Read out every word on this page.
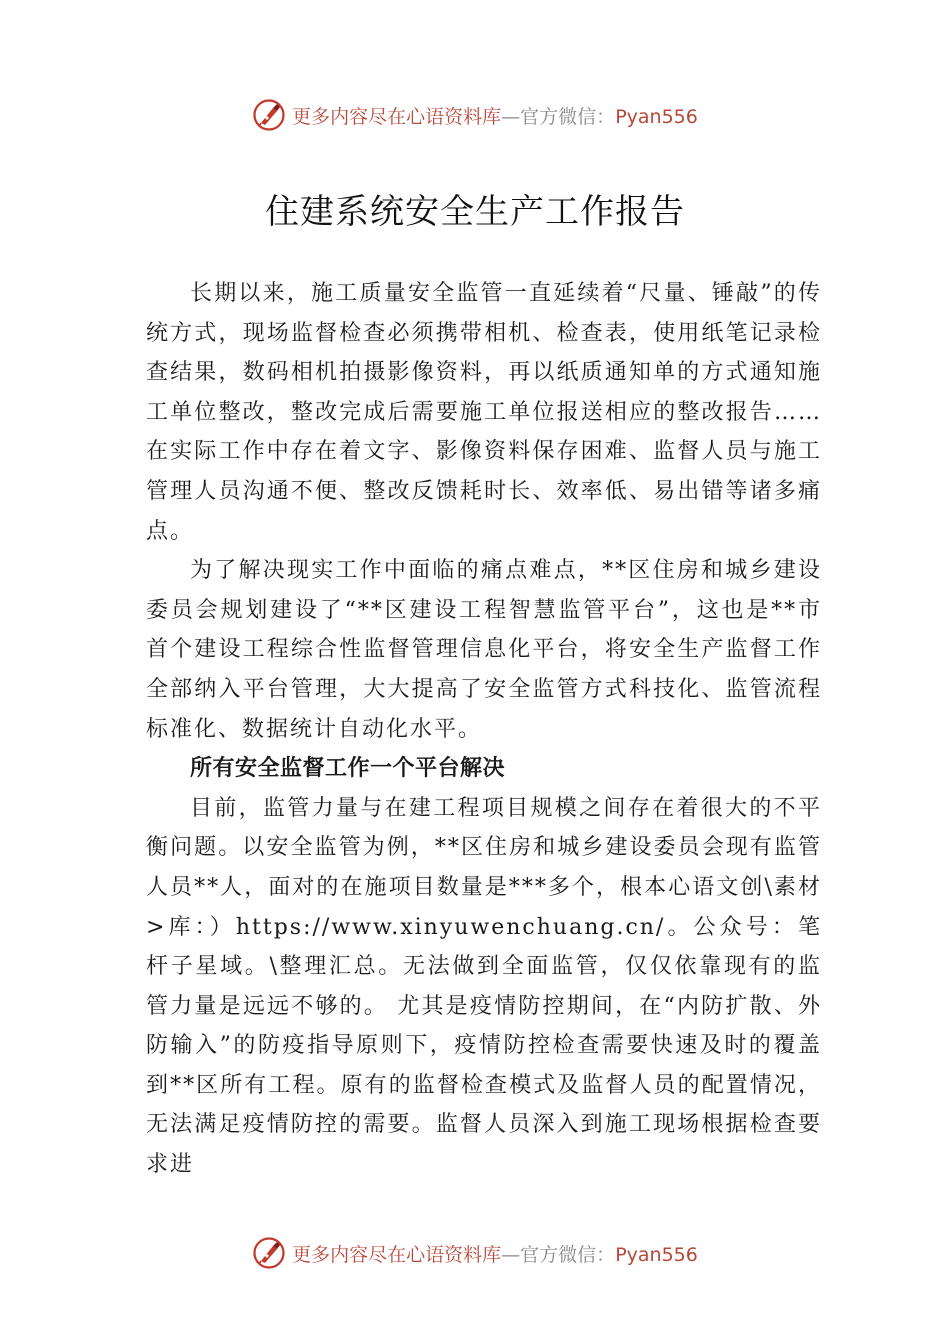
更多内容尽在心语资料库—官方微信：Pyan556
住建系统安全生产工作报告

长期以来，施工质量安全监管一直延续着“尺量、锤敲”的传统方式，现场监督检查必须携带相机、检查表，使用纸笔记录检查结果，数码相机拍摄影像资料，再以纸质通知单的方式通知施工单位整改，整改完成后需要施工单位报送相应的整改报告……在实际工作中存在着文字、影像资料保存困难、监督人员与施工管理人员沟通不便、整改反馈耗时长、效率低、易出错等诸多痛点。

为了解决现实工作中面临的痛点难点，**区住房和城乡建设委员会规划建设了“**区建设工程智慧监管平台”，这也是**市首个建设工程综合性监督管理信息化平台，将安全生产监督工作全部纳入平台管理，大大提高了安全监管方式科技化、监管流程标准化、数据统计自动化水平。

所有安全监督工作一个平台解决

目前，监管力量与在建工程项目规模之间存在着很大的不平衡问题。以安全监管为例，**区住房和城乡建设委员会现有监管人员**人，面对的在施项目数量是***多个，根本心语文创\素材>库：）https://www.xinyuwenchuang.cn/。公众号：笔杆子星域。\整理汇总。无法做到全面监管，仅仅依靠现有的监管力量是远远不够的。 尤其是疫情防控期间，在“内防扩散、外防输入”的防疫指导原则下，疫情防控检查需要快速及时的覆盖到**区所有工程。原有的监督检查模式及监督人员的配置情况，无法满足疫情防控的需要。监督人员深入到施工现场根据检查要求进

更多内容尽在心语资料库—官方微信：Pyan556
